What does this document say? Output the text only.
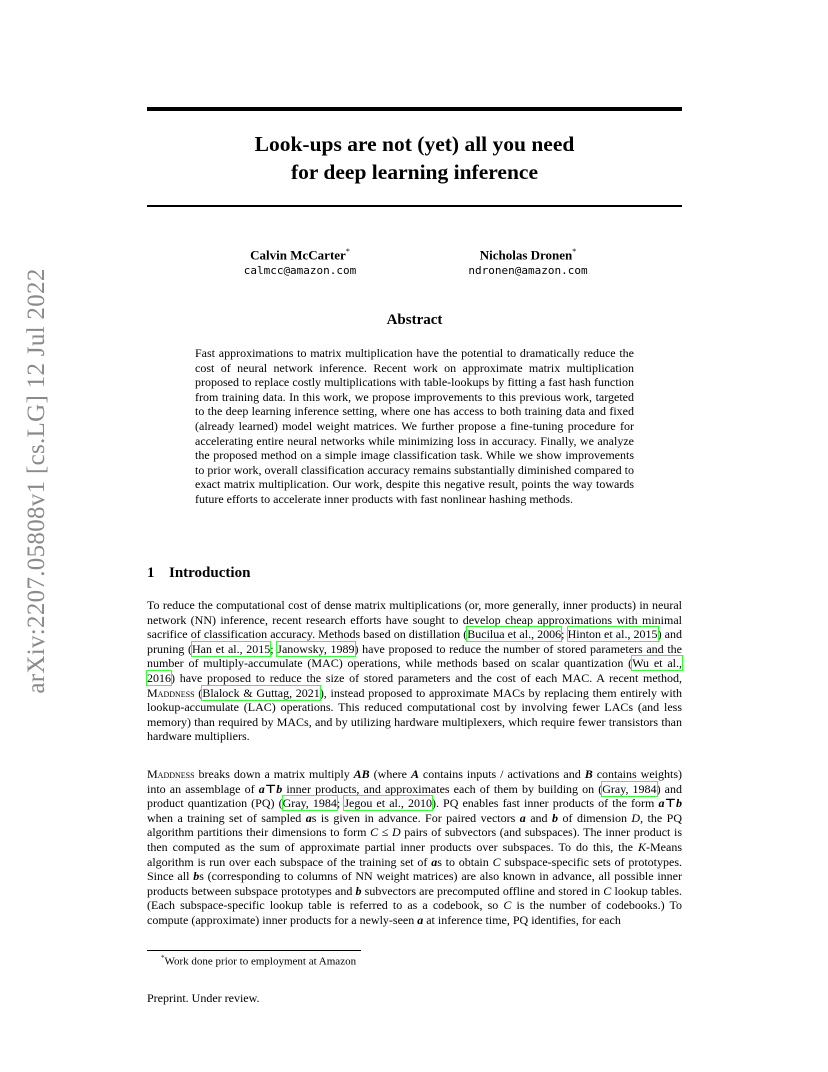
arXiv:2207.05808v1 [cs.LG] 12 Jul 2022
Look-ups are not (yet) all you need
for deep learning inference
Calvin McCarter*
calmcc@amazon.com
Nicholas Dronen*
ndronen@amazon.com
Abstract
Fast approximations to matrix multiplication have the potential to dramatically reduce the cost of neural network inference. Recent work on approximate matrix multiplication proposed to replace costly multiplications with table-lookups by fitting a fast hash function from training data. In this work, we propose improvements to this previous work, targeted to the deep learning inference setting, where one has access to both training data and fixed (already learned) model weight matrices. We further propose a fine-tuning procedure for accelerating entire neural networks while minimizing loss in accuracy. Finally, we analyze the proposed method on a simple image classification task. While we show improvements to prior work, overall classification accuracy remains substantially diminished compared to exact matrix multiplication. Our work, despite this negative result, points the way towards future efforts to accelerate inner products with fast nonlinear hashing methods.
1 Introduction
To reduce the computational cost of dense matrix multiplications (or, more generally, inner products) in neural network (NN) inference, recent research efforts have sought to develop cheap approximations with minimal sacrifice of classification accuracy. Methods based on distillation (Bucilua et al., 2006; Hinton et al., 2015) and pruning (Han et al., 2015; Janowsky, 1989) have proposed to reduce the number of stored parameters and the number of multiply-accumulate (MAC) operations, while methods based on scalar quantization (Wu et al., 2016) have proposed to reduce the size of stored parameters and the cost of each MAC. A recent method, Maddness (Blalock & Guttag, 2021), instead proposed to approximate MACs by replacing them entirely with lookup-accumulate (LAC) operations. This reduced computational cost by involving fewer LACs (and less memory) than required by MACs, and by utilizing hardware multiplexers, which require fewer transistors than hardware multipliers.
Maddness breaks down a matrix multiply AB (where A contains inputs / activations and B contains weights) into an assemblage of a⊤b inner products, and approximates each of them by building on (Gray, 1984) and product quantization (PQ) (Gray, 1984; Jegou et al., 2010). PQ enables fast inner products of the form a⊤b when a training set of sampled as is given in advance. For paired vectors a and b of dimension D, the PQ algorithm partitions their dimensions to form C ≤ D pairs of subvectors (and subspaces). The inner product is then computed as the sum of approximate partial inner products over subspaces. To do this, the K-Means algorithm is run over each subspace of the training set of as to obtain C subspace-specific sets of prototypes. Since all bs (corresponding to columns of NN weight matrices) are also known in advance, all possible inner products between subspace prototypes and b subvectors are precomputed offline and stored in C lookup tables. (Each subspace-specific lookup table is referred to as a codebook, so C is the number of codebooks.) To compute (approximate) inner products for a newly-seen a at inference time, PQ identifies, for each
*Work done prior to employment at Amazon
Preprint. Under review.
